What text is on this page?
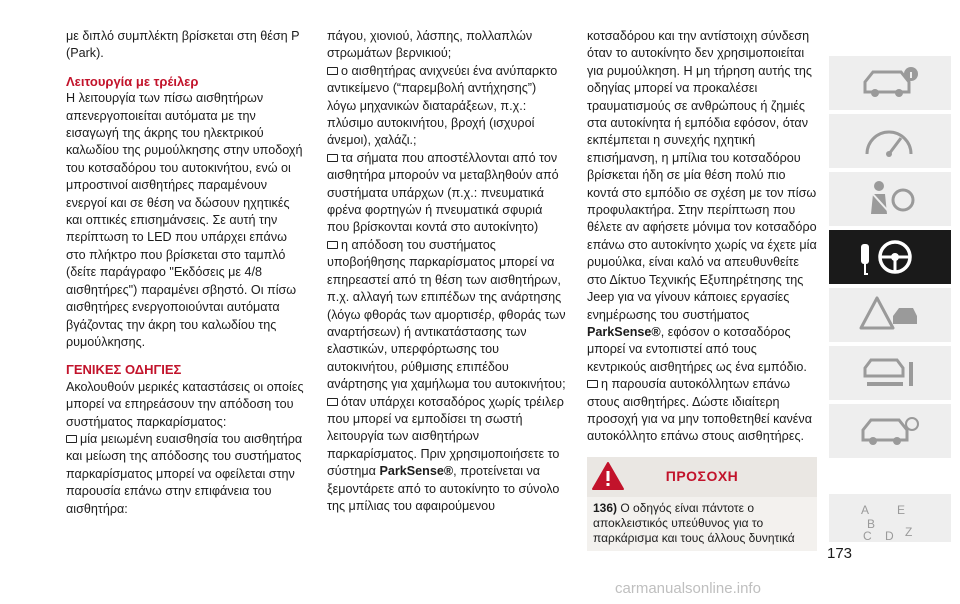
με διπλό συμπλέκτη βρίσκεται στη θέση P (Park).

Λειτουργία με τρέιλερ

Η λειτουργία των πίσω αισθητήρων απενεργοποιείται αυτόματα με την εισαγωγή της άκρης του ηλεκτρικού καλωδίου της ρυμούλκησης στην υποδοχή του κοτσαδόρου του αυτοκινήτου, ενώ οι μπροστινοί αισθητήρες παραμένουν ενεργοί και σε θέση να δώσουν ηχητικές και οπτικές επισημάνσεις. Σε αυτή την περίπτωση το LED που υπάρχει επάνω στο πλήκτρο που βρίσκεται στο ταμπλό (δείτε παράγραφο "Εκδόσεις με 4/8 αισθητήρες") παραμένει σβηστό. Οι πίσω αισθητήρες ενεργοποιούνται αυτόματα βγάζοντας την άκρη του καλωδίου της ρυμούλκησης.

ΓΕΝΙΚΕΣ ΟΔΗΓΙΕΣ

Ακολουθούν μερικές καταστάσεις οι οποίες μπορεί να επηρεάσουν την απόδοση του συστήματος παρκαρίσματος:

μία μειωμένη ευαισθησία του αισθητήρα και μείωση της απόδοσης του συστήματος παρκαρίσματος μπορεί να οφείλεται στην παρουσία επάνω στην επιφάνεια του αισθητήρα:

πάγου, χιονιού, λάσπης, πολλαπλών στρωμάτων βερνικιού;

ο αισθητήρας ανιχνεύει ένα ανύπαρκτο αντικείμενο (“παρεμβολή αντήχησης”) λόγω μηχανικών διαταράξεων, π.χ.: πλύσιμο αυτοκινήτου, βροχή (ισχυροί άνεμοι), χαλάζι.;

τα σήματα που αποστέλλονται από τον αισθητήρα μπορούν να μεταβληθούν από συστήματα υπάρχων (π.χ.: πνευματικά φρένα φορτηγών ή πνευματικά σφυριά που βρίσκονται κοντά στο αυτοκίνητο)

η απόδοση του συστήματος υποβοήθησης παρκαρίσματος μπορεί να επηρεαστεί από τη θέση των αισθητήρων, π.χ. αλλαγή των επιπέδων της ανάρτησης (λόγω φθοράς των αμορτισέρ, φθοράς των αναρτήσεων) ή αντικατάστασης των ελαστικών, υπερφόρτωσης του αυτοκινήτου, ρύθμισης επιπέδου ανάρτησης για χαμήλωμα του αυτοκινήτου;

όταν υπάρχει κοτσαδόρος χωρίς τρέιλερ που μπορεί να εμποδίσει τη σωστή λειτουργία των αισθητήρων παρκαρίσματος. Πριν χρησιμοποιήσετε το σύστημα ParkSense®, προτείνεται να ξεμοντάρετε από το αυτοκίνητο το σύνολο της μπίλιας του αφαιρούμενου

κοτσαδόρου και την αντίστοιχη σύνδεση όταν το αυτοκίνητο δεν χρησιμοποιείται για ρυμούλκηση. Η μη τήρηση αυτής της οδηγίας μπορεί να προκαλέσει τραυματισμούς σε ανθρώπους ή ζημιές στα αυτοκίνητα ή εμπόδια εφόσον, όταν εκπέμπεται η συνεχής ηχητική επισήμανση, η μπίλια του κοτσαδόρου βρίσκεται ήδη σε μία θέση πολύ πιο κοντά στο εμπόδιο σε σχέση με τον πίσω προφυλακτήρα. Στην περίπτωση που θέλετε αν αφήσετε μόνιμα τον κοτσαδόρο επάνω στο αυτοκίνητο χωρίς να έχετε μία ρυμούλκα, είναι καλό να απευθυνθείτε στο Δίκτυο Τεχνικής Εξυπηρέτησης της Jeep για να γίνουν κάποιες εργασίες ενημέρωσης του συστήματος ParkSense®, εφόσον ο κοτσαδόρος μπορεί να εντοπιστεί από τους κεντρικούς αισθητήρες ως ένα εμπόδιο.

η παρουσία αυτοκόλλητων επάνω στους αισθητήρες. Δώστε ιδιαίτερη προσοχή για να μην τοποθετηθεί κανένα αυτοκόλλητο επάνω στους αισθητήρες.

ΠΡΟΣΟΧΗ
136) Ο οδηγός είναι πάντοτε ο αποκλειστικός υπεύθυνος για το παρκάρισμα και τους άλλους δυνητικά
173
A E
B
D
C	Z
carmanualsonline.info
